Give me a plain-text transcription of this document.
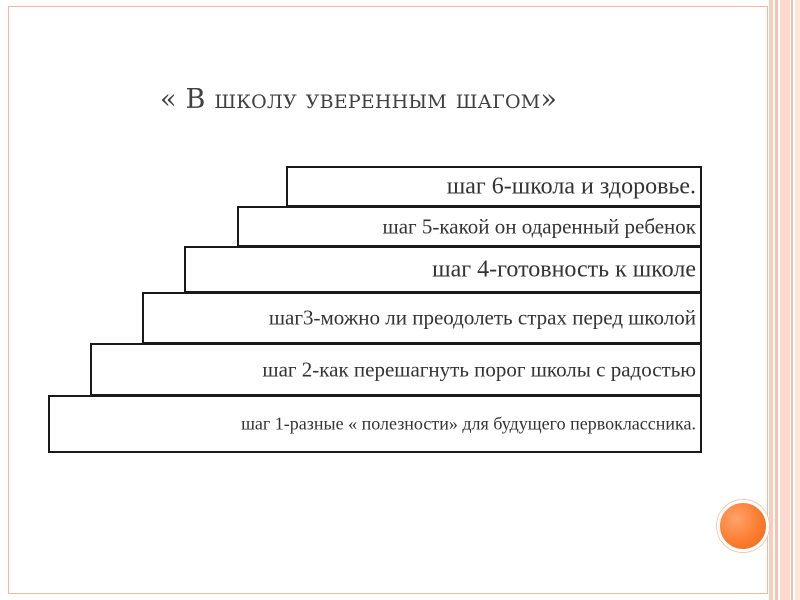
« В школу уверенным шагом»
шаг 6-школа и здоровье.
шаг 5-какой он одаренный ребенок
шаг 4-готовность к школе
шаг3-можно ли преодолеть страх перед школой
шаг 2-как перешагнуть порог школы с радостью
шаг 1-разные « полезности» для будущего первоклассника.
